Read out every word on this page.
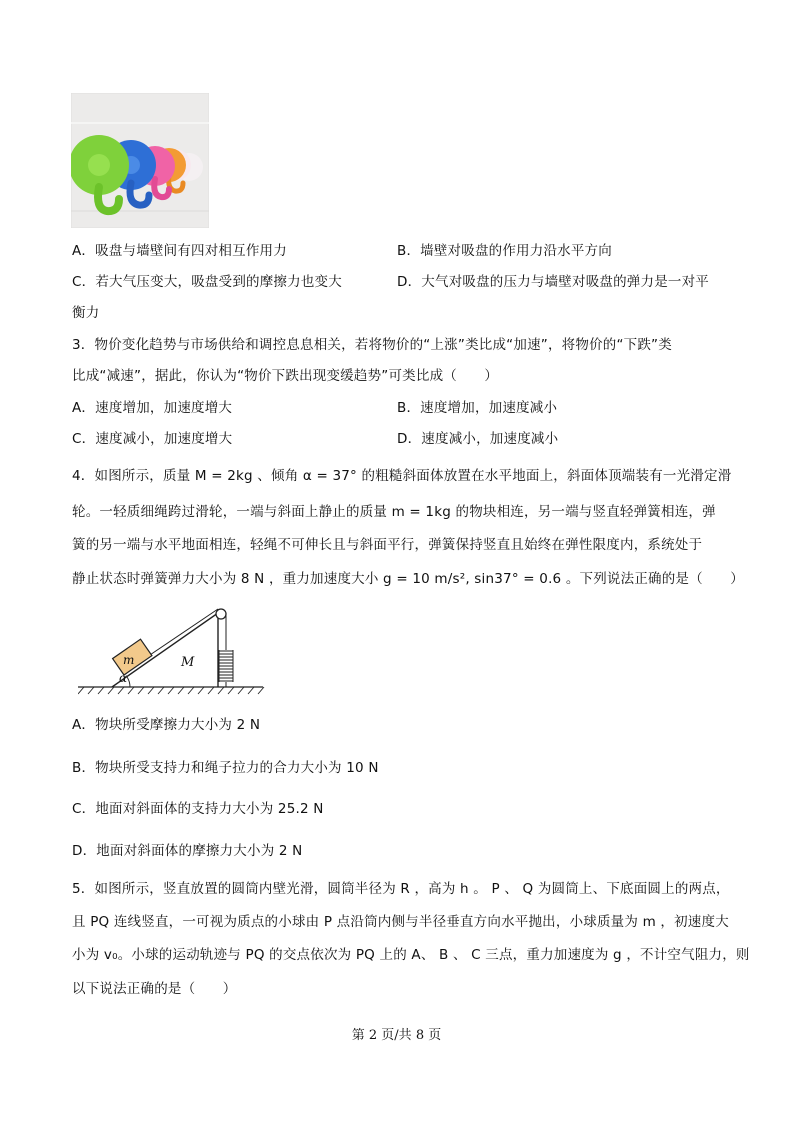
A．吸盘与墙壁间有四对相互作用力	B．墙壁对吸盘的作用力沿水平方向
C．若大气压变大，吸盘受到的摩擦力也变大	D．大气对吸盘的压力与墙壁对吸盘的弹力是一对平
衡力
3．物价变化趋势与市场供给和调控息息相关，若将物价的“上涨”类比成“加速”，将物价的“下跌”类
比成“减速”，据此，你认为“物价下跌出现变缓趋势”可类比成（　　）
A．速度增加，加速度增大	B．速度增加，加速度减小
C．速度减小，加速度增大	D．速度减小，加速度减小
4．如图所示，质量 M = 2kg 、倾角 α = 37° 的粗糙斜面体放置在水平地面上，斜面体顶端装有一光滑定滑
轮。一轻质细绳跨过滑轮，一端与斜面上静止的质量 m = 1kg 的物块相连，另一端与竖直轻弹簧相连，弹
簧的另一端与水平地面相连，轻绳不可伸长且与斜面平行，弹簧保持竖直且始终在弹性限度内，系统处于
静止状态时弹簧弹力大小为 8 N ，重力加速度大小 g = 10 m/s², sin37° = 0.6 。下列说法正确的是（　　）
m	M
α
A．物块所受摩擦力大小为 2 N
B．物块所受支持力和绳子拉力的合力大小为 10 N
C．地面对斜面体的支持力大小为 25.2 N
D．地面对斜面体的摩擦力大小为 2 N
5．如图所示，竖直放置的圆筒内壁光滑，圆筒半径为 R ，高为 h 。 P 、 Q 为圆筒上、下底面圆上的两点，
且 PQ 连线竖直，一可视为质点的小球由 P 点沿筒内侧与半径垂直方向水平抛出，小球质量为 m ，初速度大
小为 v₀。小球的运动轨迹与 PQ 的交点依次为 PQ 上的 A、 B 、 C 三点，重力加速度为 g ，不计空气阻力，则
以下说法正确的是（　　）
第 2 页/共 8 页
